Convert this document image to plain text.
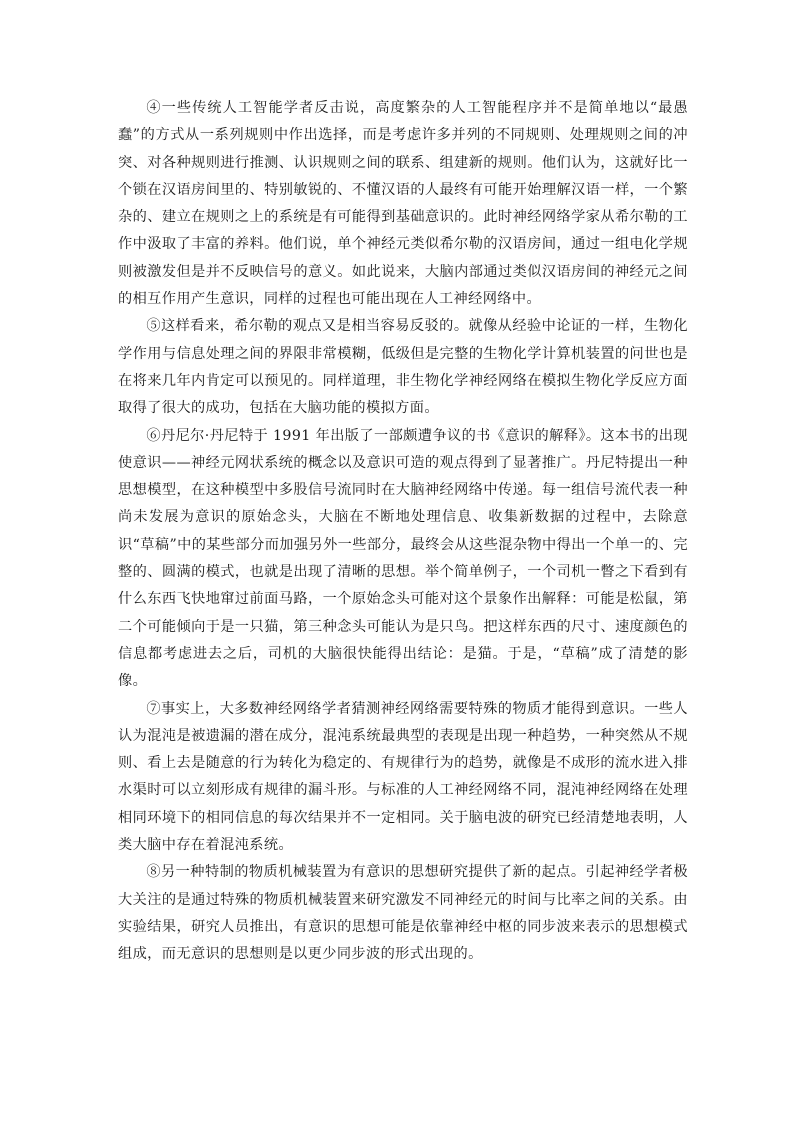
④一些传统人工智能学者反击说，高度繁杂的人工智能程序并不是简单地以“最愚蠢”的方式从一系列规则中作出选择，而是考虑许多并列的不同规则、处理规则之间的冲突、对各种规则进行推测、认识规则之间的联系、组建新的规则。他们认为，这就好比一个锁在汉语房间里的、特别敏锐的、不懂汉语的人最终有可能开始理解汉语一样，一个繁杂的、建立在规则之上的系统是有可能得到基础意识的。此时神经网络学家从希尔勒的工作中汲取了丰富的养料。他们说，单个神经元类似希尔勒的汉语房间，通过一组电化学规则被激发但是并不反映信号的意义。如此说来，大脑内部通过类似汉语房间的神经元之间的相互作用产生意识，同样的过程也可能出现在人工神经网络中。

⑤这样看来，希尔勒的观点又是相当容易反驳的。就像从经验中论证的一样，生物化学作用与信息处理之间的界限非常模糊，低级但是完整的生物化学计算机装置的问世也是在将来几年内肯定可以预见的。同样道理，非生物化学神经网络在模拟生物化学反应方面取得了很大的成功，包括在大脑功能的模拟方面。

⑥丹尼尔·丹尼特于 1991 年出版了一部颇遭争议的书《意识的解释》。这本书的出现使意识——神经元网状系统的概念以及意识可造的观点得到了显著推广。丹尼特提出一种思想模型，在这种模型中多股信号流同时在大脑神经网络中传递。每一组信号流代表一种尚未发展为意识的原始念头，大脑在不断地处理信息、收集新数据的过程中，去除意识“草稿”中的某些部分而加强另外一些部分，最终会从这些混杂物中得出一个单一的、完整的、圆满的模式，也就是出现了清晰的思想。举个简单例子，一个司机一瞥之下看到有什么东西飞快地窜过前面马路，一个原始念头可能对这个景象作出解释：可能是松鼠，第二个可能倾向于是一只猫，第三种念头可能认为是只鸟。把这样东西的尺寸、速度颜色的信息都考虑进去之后，司机的大脑很快能得出结论：是猫。于是，“草稿”成了清楚的影像。

⑦事实上，大多数神经网络学者猜测神经网络需要特殊的物质才能得到意识。一些人认为混沌是被遗漏的潜在成分，混沌系统最典型的表现是出现一种趋势，一种突然从不规则、看上去是随意的行为转化为稳定的、有规律行为的趋势，就像是不成形的流水进入排水渠时可以立刻形成有规律的漏斗形。与标准的人工神经网络不同，混沌神经网络在处理相同环境下的相同信息的每次结果并不一定相同。关于脑电波的研究已经清楚地表明，人类大脑中存在着混沌系统。

⑧另一种特制的物质机械装置为有意识的思想研究提供了新的起点。引起神经学者极大关注的是通过特殊的物质机械装置来研究激发不同神经元的时间与比率之间的关系。由实验结果，研究人员推出，有意识的思想可能是依靠神经中枢的同步波来表示的思想模式组成，而无意识的思想则是以更少同步波的形式出现的。
